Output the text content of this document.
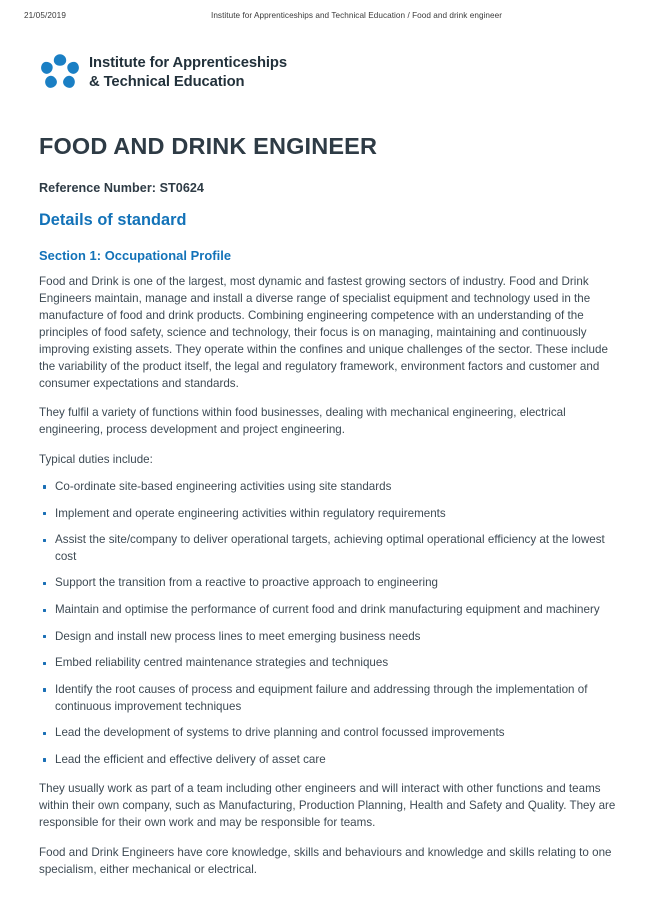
21/05/2019	Institute for Apprenticeships and Technical Education / Food and drink engineer
Institute for Apprenticeships
& Technical Education
FOOD AND DRINK ENGINEER
Reference Number: ST0624
Details of standard
Section 1: Occupational Profile

Food and Drink is one of the largest, most dynamic and fastest growing sectors of industry. Food and Drink Engineers maintain, manage and install a diverse range of specialist equipment and technology used in the manufacture of food and drink products. Combining engineering competence with an understanding of the principles of food safety, science and technology, their focus is on managing, maintaining and continuously improving existing assets. They operate within the confines and unique challenges of the sector. These include the variability of the product itself, the legal and regulatory framework, environment factors and customer and consumer expectations and standards.

They fulfil a variety of functions within food businesses, dealing with mechanical engineering, electrical engineering, process development and project engineering.

Typical duties include:

Co-ordinate site-based engineering activities using site standards
Implement and operate engineering activities within regulatory requirements
Assist the site/company to deliver operational targets, achieving optimal operational efficiency at the lowest cost
Support the transition from a reactive to proactive approach to engineering
Maintain and optimise the performance of current food and drink manufacturing equipment and machinery
Design and install new process lines to meet emerging business needs
Embed reliability centred maintenance strategies and techniques
Identify the root causes of process and equipment failure and addressing through the implementation of continuous improvement techniques
Lead the development of systems to drive planning and control focussed improvements
Lead the efficient and effective delivery of asset care

They usually work as part of a team including other engineers and will interact with other functions and teams within their own company, such as Manufacturing, Production Planning, Health and Safety and Quality. They are responsible for their own work and may be responsible for teams.

Food and Drink Engineers have core knowledge, skills and behaviours and knowledge and skills relating to one specialism, either mechanical or electrical.
